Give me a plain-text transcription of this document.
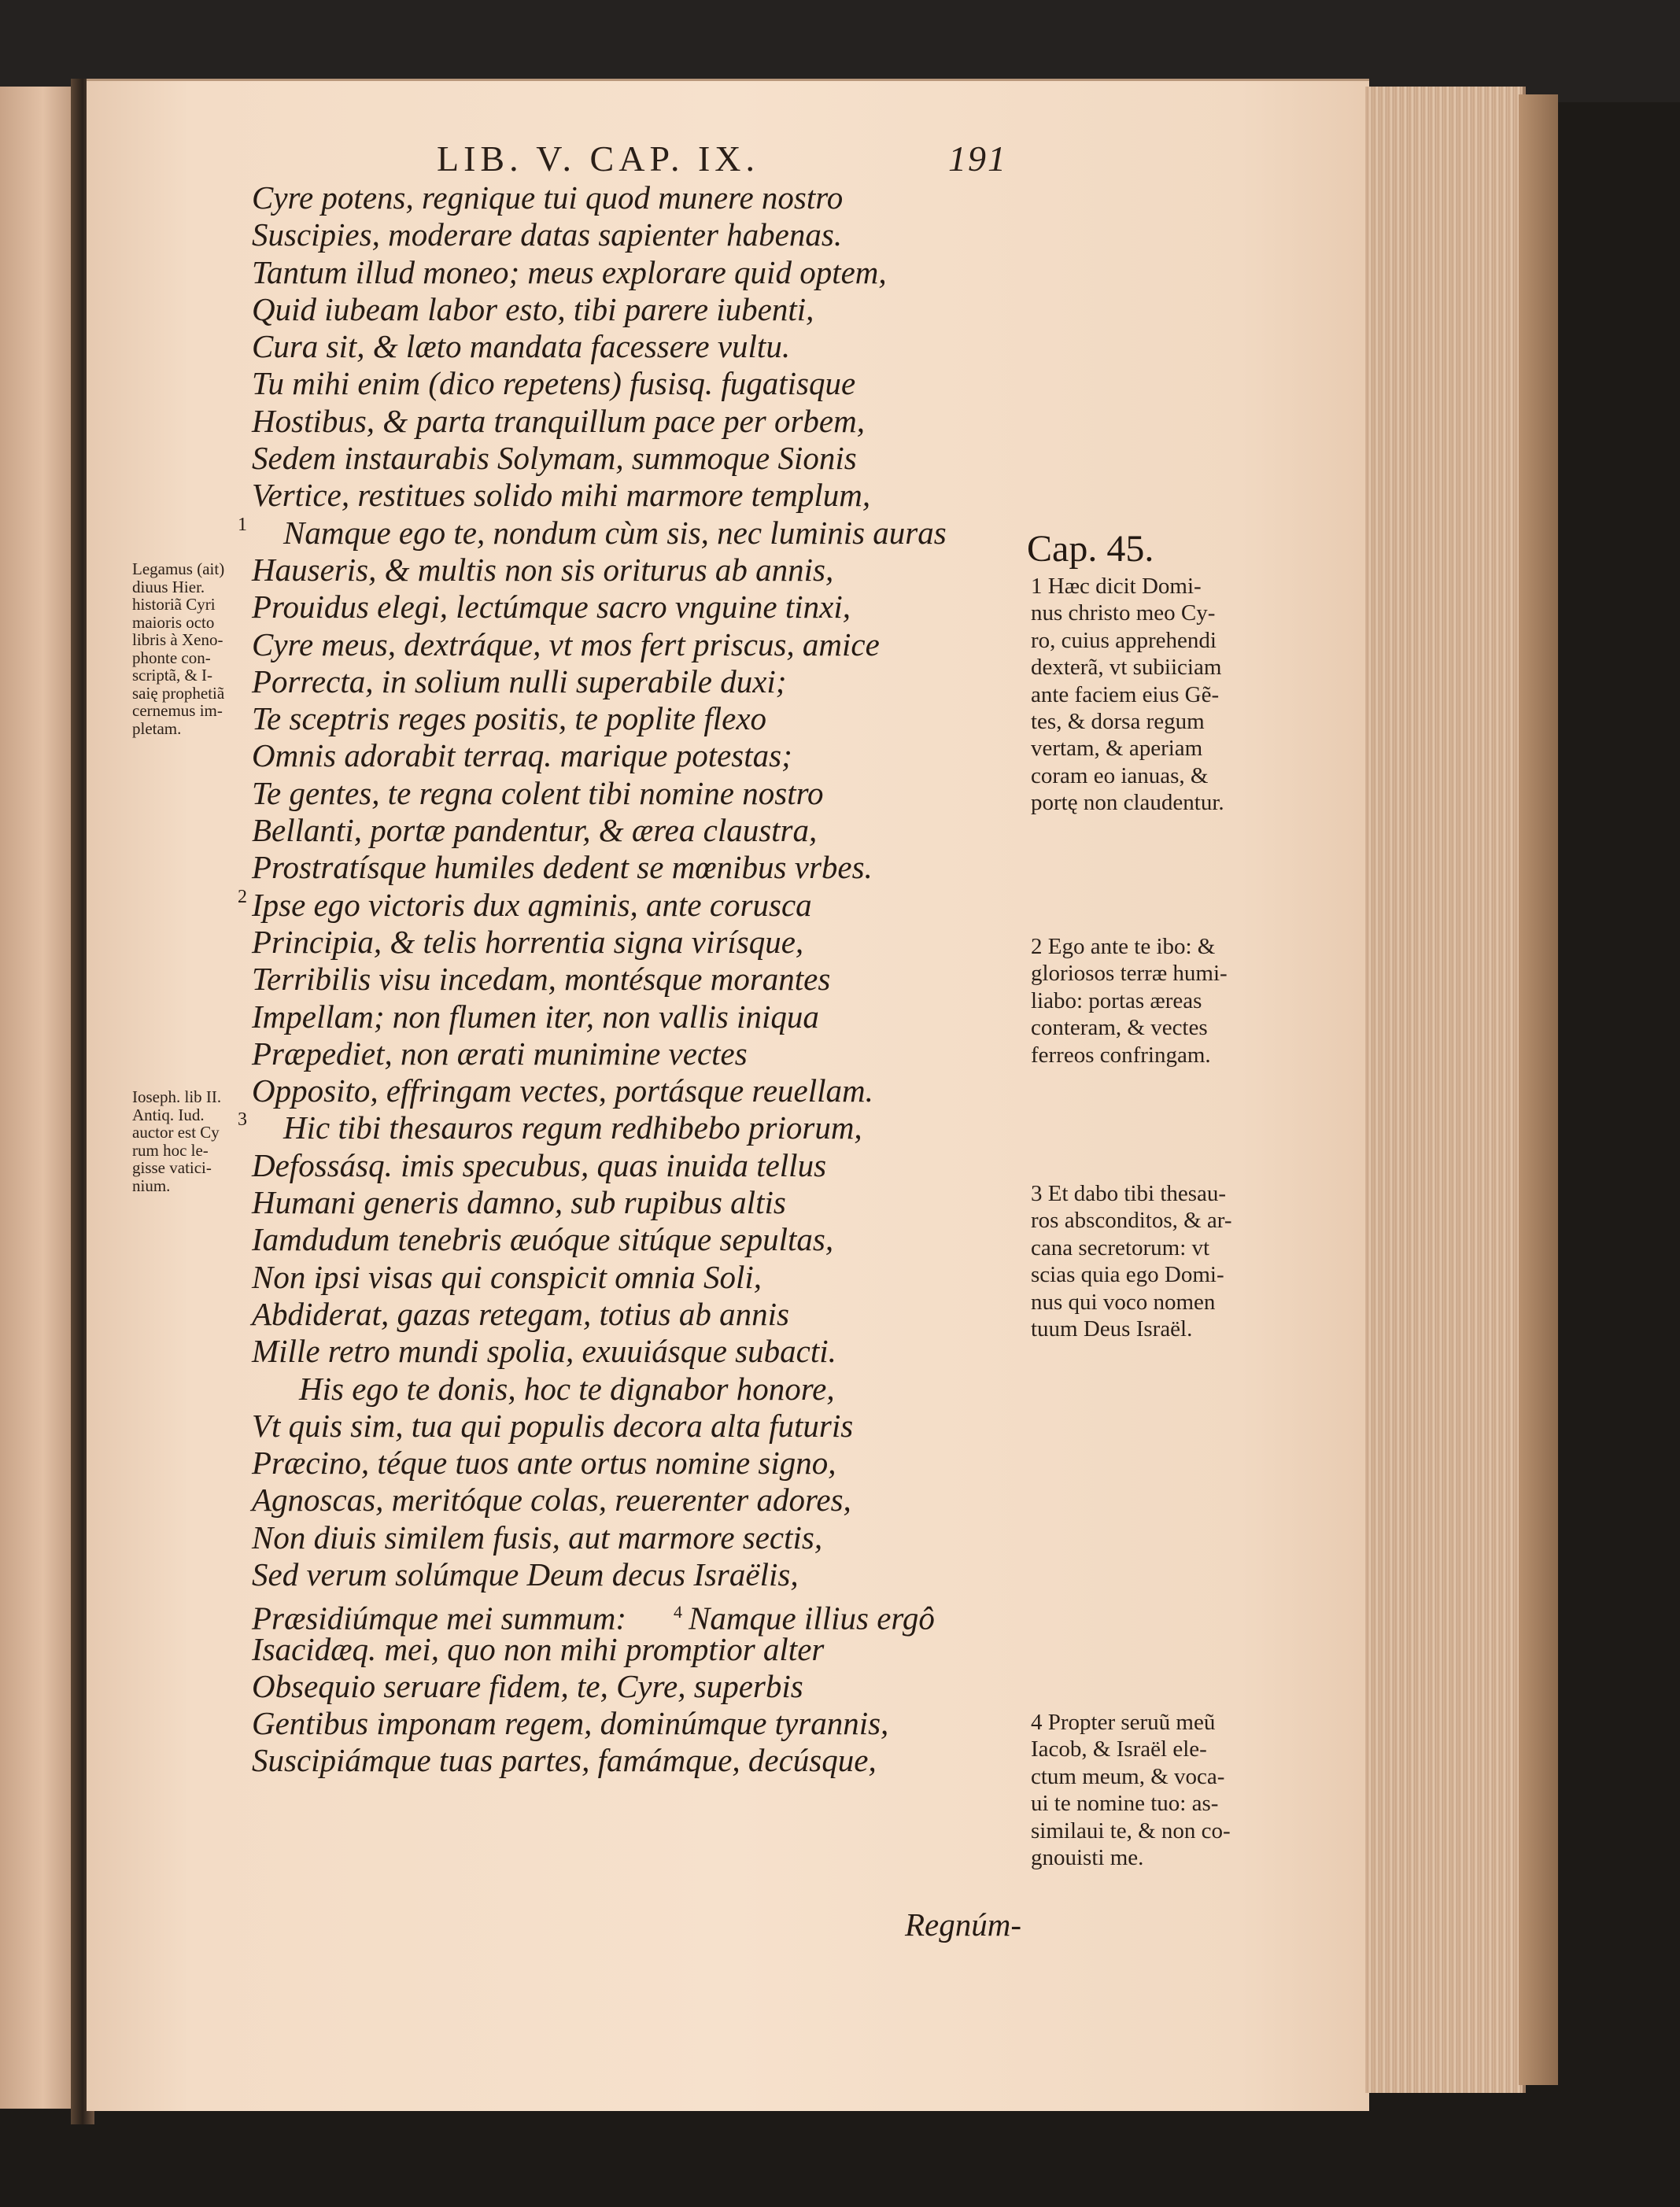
LIB. V. CAP. IX.	191
Cyre potens, regnique tui quod munere nostro
Suscipies, moderare datas sapienter habenas.
Tantum illud moneo; meus explorare quid optem,
Quid iubeam labor esto, tibi parere iubenti,
Cura sit, & læto mandata facessere vultu.
Tu mihi enim (dico repetens) fusisq. fugatisque
Hostibus, & parta tranquillum pace per orbem,
Sedem instaurabis Solymam, summoque Sionis
Vertice, restitues solido mihi marmore templum,
1 Namque ego te, nondum cùm sis, nec luminis auras
Hauseris, & multis non sis oriturus ab annis,
Prouidus elegi, lectúmque sacro vnguine tinxi,
Cyre meus, dextráque, vt mos fert priscus, amice
Porrecta, in solium nulli superabile duxi;
Te sceptris reges positis, te poplite flexo
Omnis adorabit terraq. marique potestas;
Te gentes, te regna colent tibi nomine nostro
Bellanti, portæ pandentur, & ærea claustra,
Prostratísque humiles dedent se mœnibus vrbes.
2 Ipse ego victoris dux agminis, ante corusca
Principia, & telis horrentia signa virísque,
Terribilis visu incedam, montésque morantes
Impellam; non flumen iter, non vallis iniqua
Præpediet, non ærati munimine vectes
Opposito, effringam vectes, portásque reuellam.
3 Hic tibi thesauros regum redhibebo priorum,
Defossásq. imis specubus, quas inuida tellus
Humani generis damno, sub rupibus altis
Iamdudum tenebris æuóque sitúque sepultas,
Non ipsi visas qui conspicit omnia Soli,
Abdiderat, gazas retegam, totius ab annis
Mille retro mundi spolia, exuuiásque subacti.
His ego te donis, hoc te dignabor honore,
Vt quis sim, tua qui populis decora alta futuris
Præcino, téque tuos ante ortus nomine signo,
Agnoscas, meritóque colas, reuerenter adores,
Non diuis similem fusis, aut marmore sectis,
Sed verum solúmque Deum decus Israëlis,
Præsidiúmque mei summum:	$^4$ Namque illius ergô
Isacidæq. mei, quo non mihi promptior alter
Obsequio seruare fidem, te, Cyre, superbis
Gentibus imponam regem, dominúmque tyrannis,
Suscipiámque tuas partes, famámque, decúsque,
Legamus (ait)
diuus Hier.
historiã Cyri
maioris octo
libris à Xeno-
phonte con-
scriptã, & I-
saię prophetiã
cernemus im-
pletam.
Ioseph. lib II.
Antiq. Iud.
auctor est Cy
rum hoc le-
gisse vatici-
nium.
Cap. 45.
1 Hæc dicit Domi-
nus christo meo Cy-
ro, cuius apprehendi
dexterã, vt subiiciam
ante faciem eius Gẽ-
tes, & dorsa regum
vertam, & aperiam
coram eo ianuas, &
portę non claudentur.
2 Ego ante te ibo: &
gloriosos terræ humi-
liabo: portas æreas
conteram, & vectes
ferreos confringam.
3 Et dabo tibi thesau-
ros absconditos, & ar-
cana secretorum: vt
scias quia ego Domi-
nus qui voco nomen
tuum Deus Israël.
4 Propter seruũ meũ
Iacob, & Israël ele-
ctum meum, & voca-
ui te nomine tuo: as-
similaui te, & non co-
gnouisti me.
Regnúm-
